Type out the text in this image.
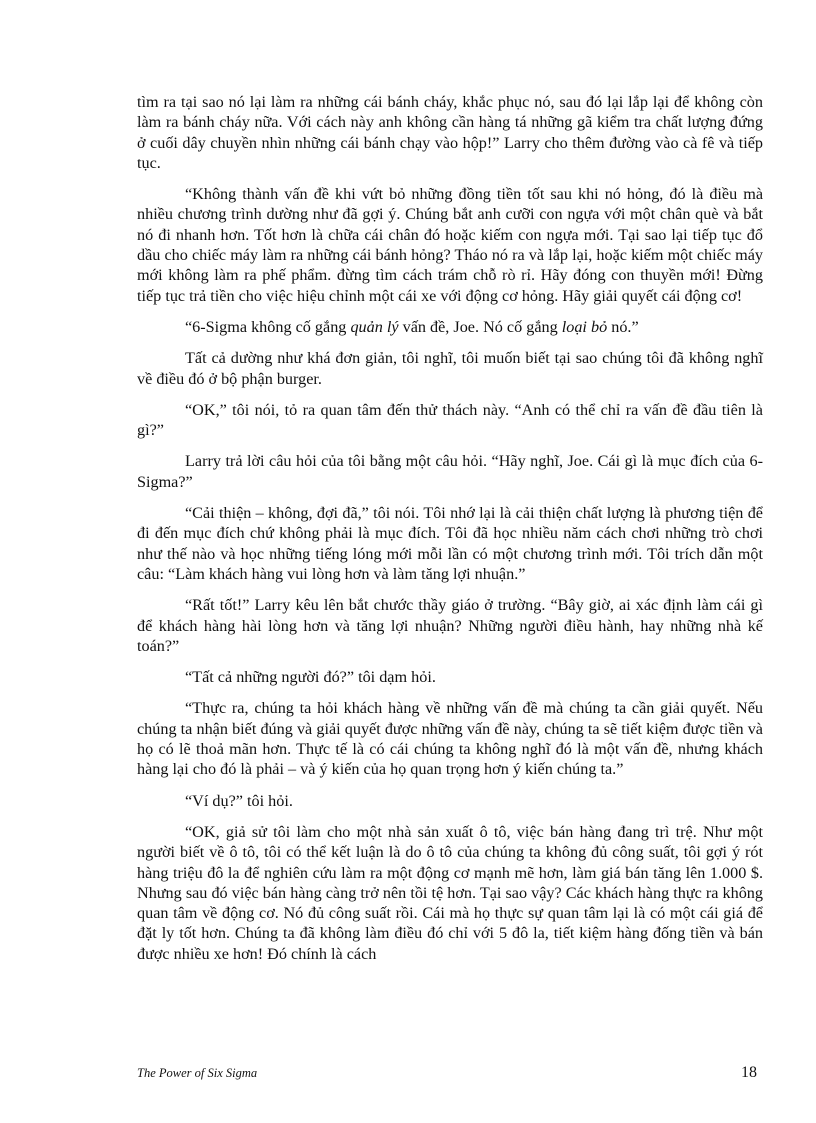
tìm ra tại sao nó lại làm ra những cái bánh cháy, khắc phục nó, sau đó lại lắp lại để không còn làm ra bánh cháy nữa. Với cách này anh không cần hàng tá những gã kiểm tra chất lượng đứng ở cuối dây chuyền nhìn những cái bánh chạy vào hộp!” Larry cho thêm đường vào cà fê và tiếp tục.

“Không thành vấn đề khi vứt bỏ những đồng tiền tốt sau khi nó hỏng, đó là điều mà nhiều chương trình dường như đã gợi ý. Chúng bắt anh cưỡi con ngựa với một chân què và bắt nó đi nhanh hơn. Tốt hơn là chữa cái chân đó hoặc kiếm con ngựa mới. Tại sao lại tiếp tục đổ dầu cho chiếc máy làm ra những cái bánh hỏng? Tháo nó ra và lắp lại, hoặc kiếm một chiếc máy mới không làm ra phế phẩm. đừng tìm cách trám chỗ rò rỉ. Hãy đóng con thuyền mới! Đừng tiếp tục trả tiền cho việc hiệu chỉnh một cái xe với động cơ hỏng. Hãy giải quyết cái động cơ!

“6-Sigma không cố gắng quản lý vấn đề, Joe. Nó cố gắng loại bỏ nó.”

Tất cả dường như khá đơn giản, tôi nghĩ, tôi muốn biết tại sao chúng tôi đã không nghĩ về điều đó ở bộ phận burger.

“OK,” tôi nói, tỏ ra quan tâm đến thử thách này. “Anh có thể chỉ ra vấn đề đầu tiên là gì?”

Larry trả lời câu hỏi của tôi bằng một câu hỏi. “Hãy nghĩ, Joe. Cái gì là mục đích của 6-Sigma?”

“Cải thiện – không, đợi đã,” tôi nói. Tôi nhớ lại là cải thiện chất lượng là phương tiện để đi đến mục đích chứ không phải là mục đích. Tôi đã học nhiều năm cách chơi những trò chơi như thế nào và học những tiếng lóng mới mỗi lần có một chương trình mới. Tôi trích dẫn một câu: “Làm khách hàng vui lòng hơn và làm tăng lợi nhuận.”

“Rất tốt!” Larry kêu lên bắt chước thầy giáo ở trường. “Bây giờ, ai xác định làm cái gì để khách hàng hài lòng hơn và tăng lợi nhuận? Những người điều hành, hay những nhà kế toán?”

“Tất cả những người đó?” tôi dạm hỏi.

“Thực ra, chúng ta hỏi khách hàng về những vấn đề mà chúng ta cần giải quyết. Nếu chúng ta nhận biết đúng và giải quyết được những vấn đề này, chúng ta sẽ tiết kiệm được tiền và họ có lẽ thoả mãn hơn. Thực tế là có cái chúng ta không nghĩ đó là một vấn đề, nhưng khách hàng lại cho đó là phải – và ý kiến của họ quan trọng hơn ý kiến chúng ta.”

“Ví dụ?” tôi hỏi.

“OK, giả sử tôi làm cho một nhà sản xuất ô tô, việc bán hàng đang trì trệ. Như một người biết về ô tô, tôi có thể kết luận là do ô tô của chúng ta không đủ công suất, tôi gợi ý rót hàng triệu đô la để nghiên cứu làm ra một động cơ mạnh mẽ hơn, làm giá bán tăng lên 1.000 $. Nhưng sau đó việc bán hàng càng trở nên tồi tệ hơn. Tại sao vậy? Các khách hàng thực ra không quan tâm về động cơ. Nó đủ công suất rồi. Cái mà họ thực sự quan tâm lại là có một cái giá để đặt ly tốt hơn. Chúng ta đã không làm điều đó chỉ với 5 đô la, tiết kiệm hàng đống tiền và bán được nhiều xe hơn! Đó chính là cách

The Power of Six Sigma	18
